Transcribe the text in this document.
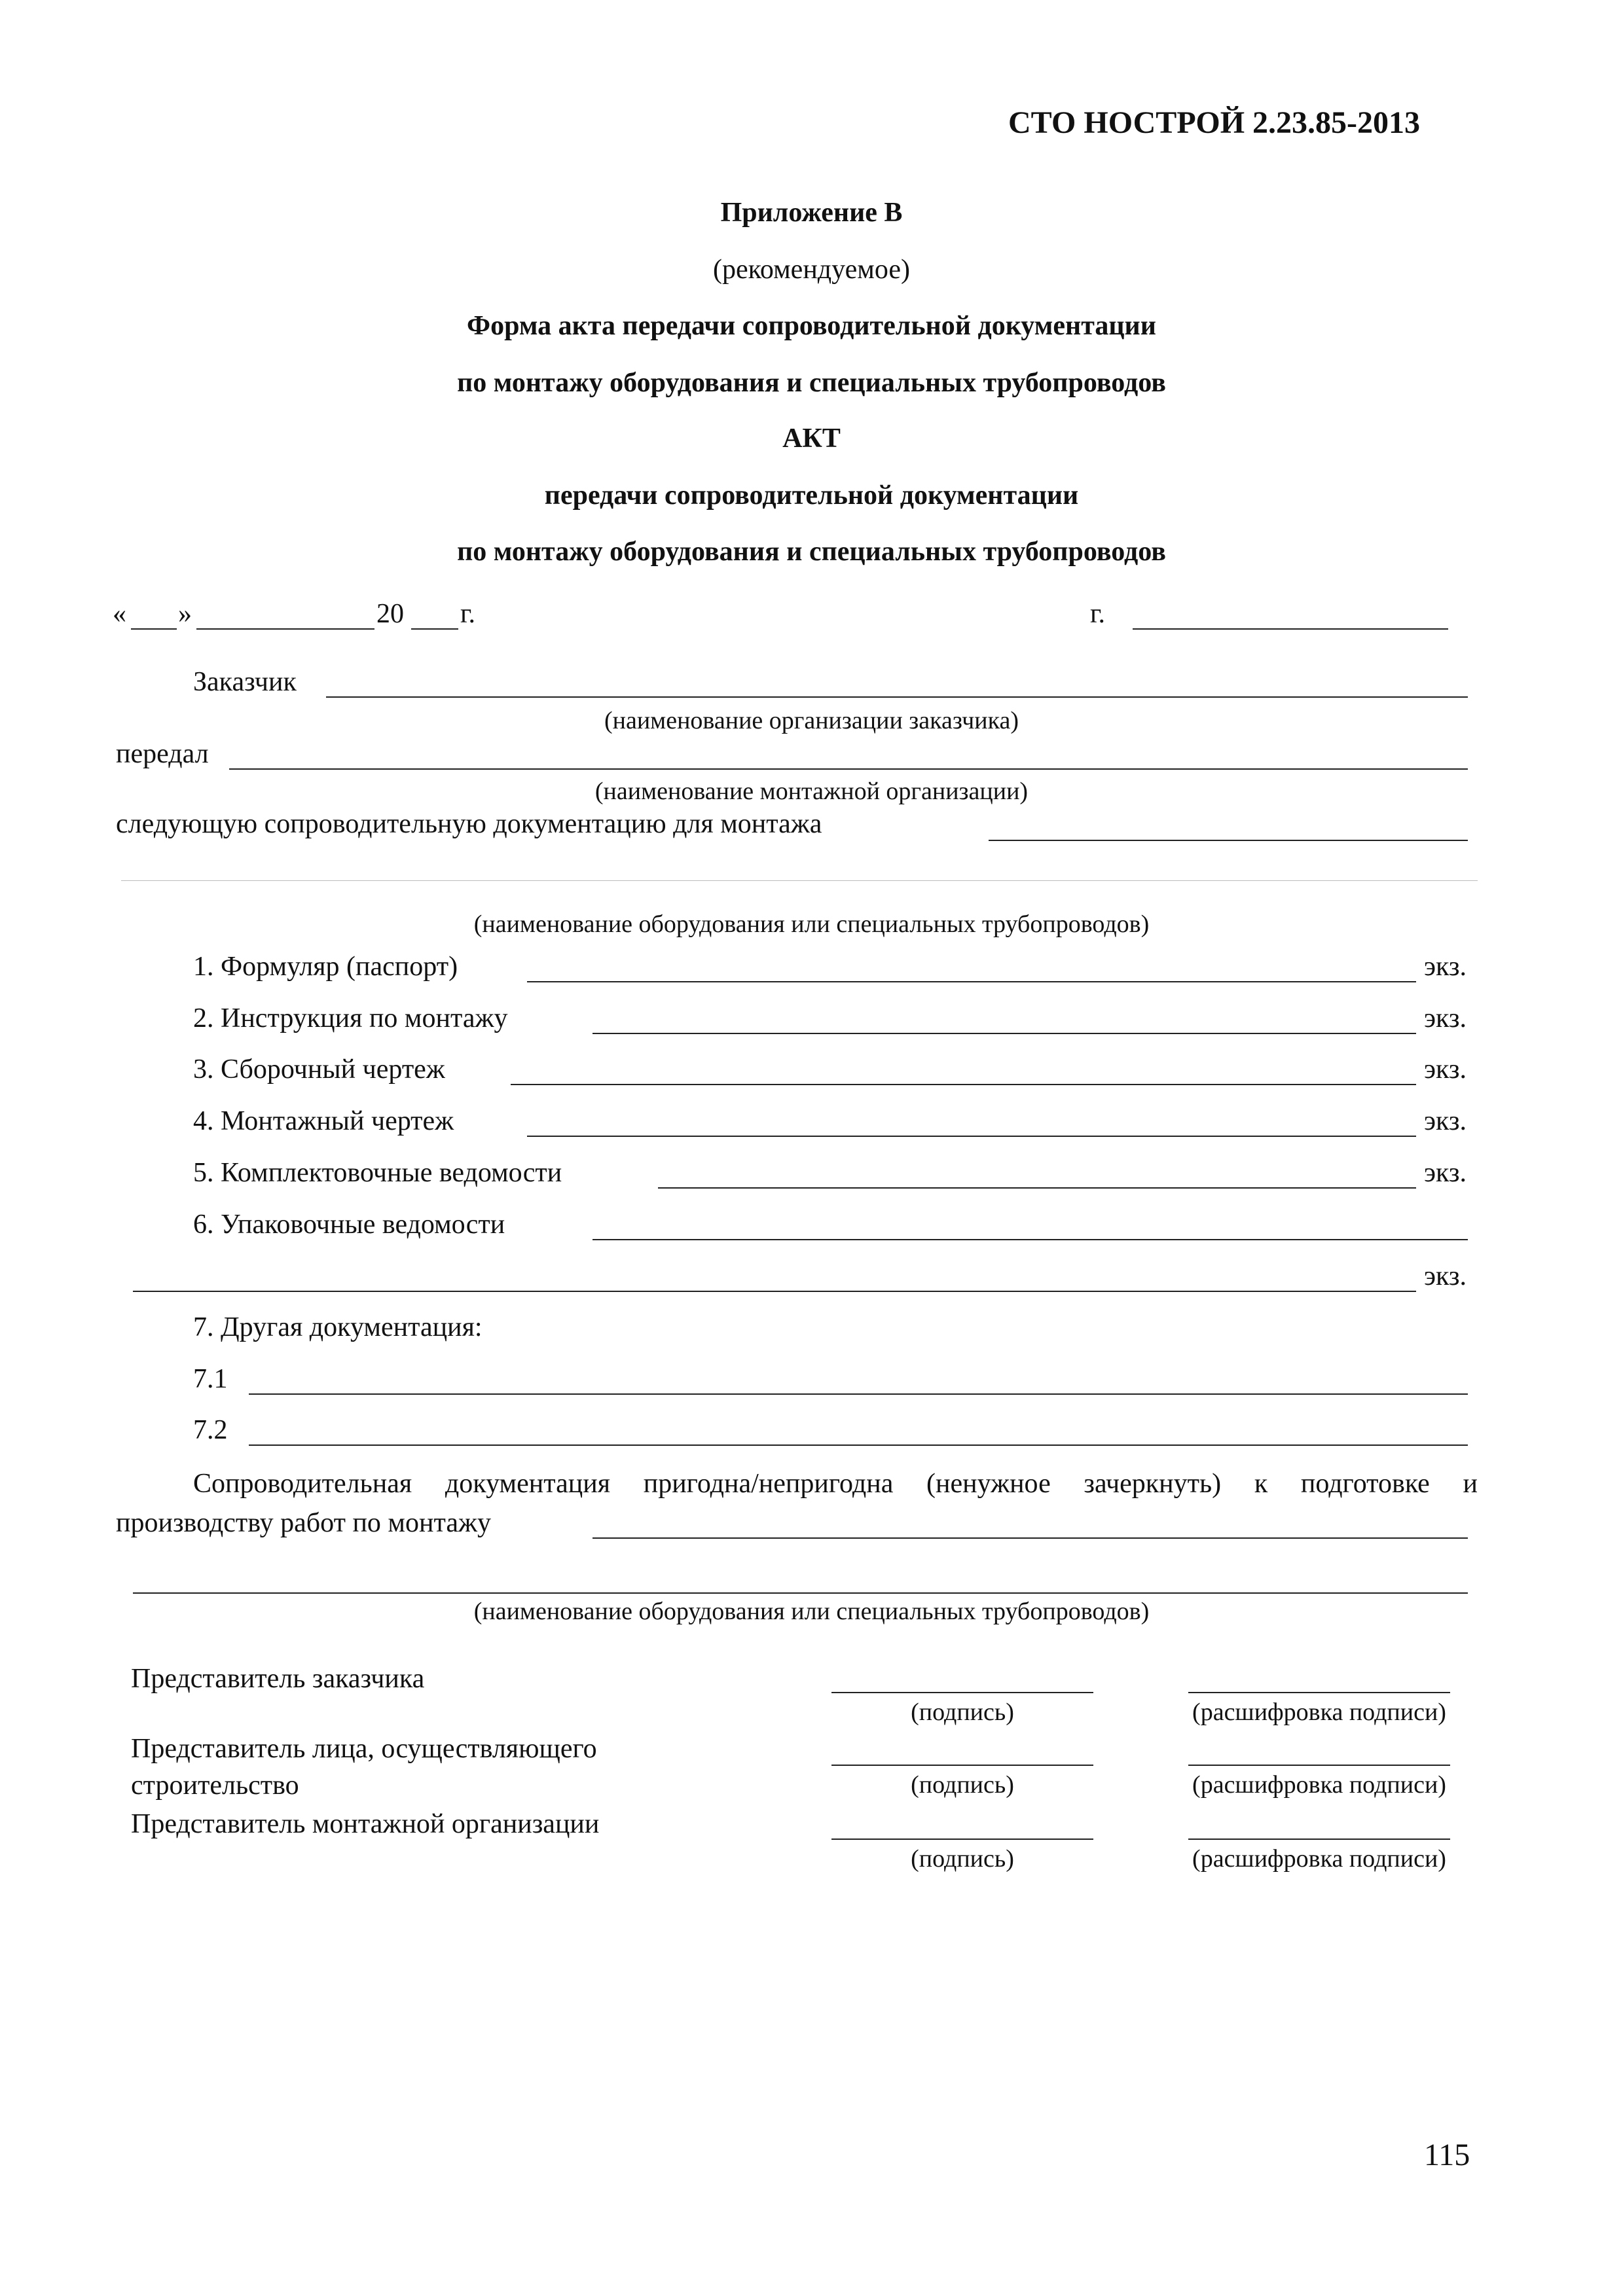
СТО НОСТРОЙ 2.23.85-2013
Приложение В
(рекомендуемое)
Форма акта передачи сопроводительной документации
по монтажу оборудования и специальных трубопроводов
АКТ
передачи сопроводительной документации
по монтажу оборудования и специальных трубопроводов
« »	20 г.	г.
Заказчик
(наименование организации заказчика)
передал
(наименование монтажной организации)
следующую сопроводительную документацию для монтажа
(наименование оборудования или специальных трубопроводов)
1. Формуляр (паспорт)	экз.
2. Инструкция по монтажу	экз.
3. Сборочный чертеж	экз.
4. Монтажный чертеж	экз.
5. Комплектовочные ведомости	экз.
6. Упаковочные ведомости
экз.
7. Другая документация:
7.1
7.2
Сопроводительная документация пригодна/непригодна (ненужное зачеркнуть) к подготовке и
производству работ по монтажу
(наименование оборудования или специальных трубопроводов)
Представитель заказчика
(подпись)	(расшифровка подписи)
Представитель лица, осуществляющего
строительство	(подпись)	(расшифровка подписи)
Представитель монтажной организации
(подпись)	(расшифровка подписи)
115
